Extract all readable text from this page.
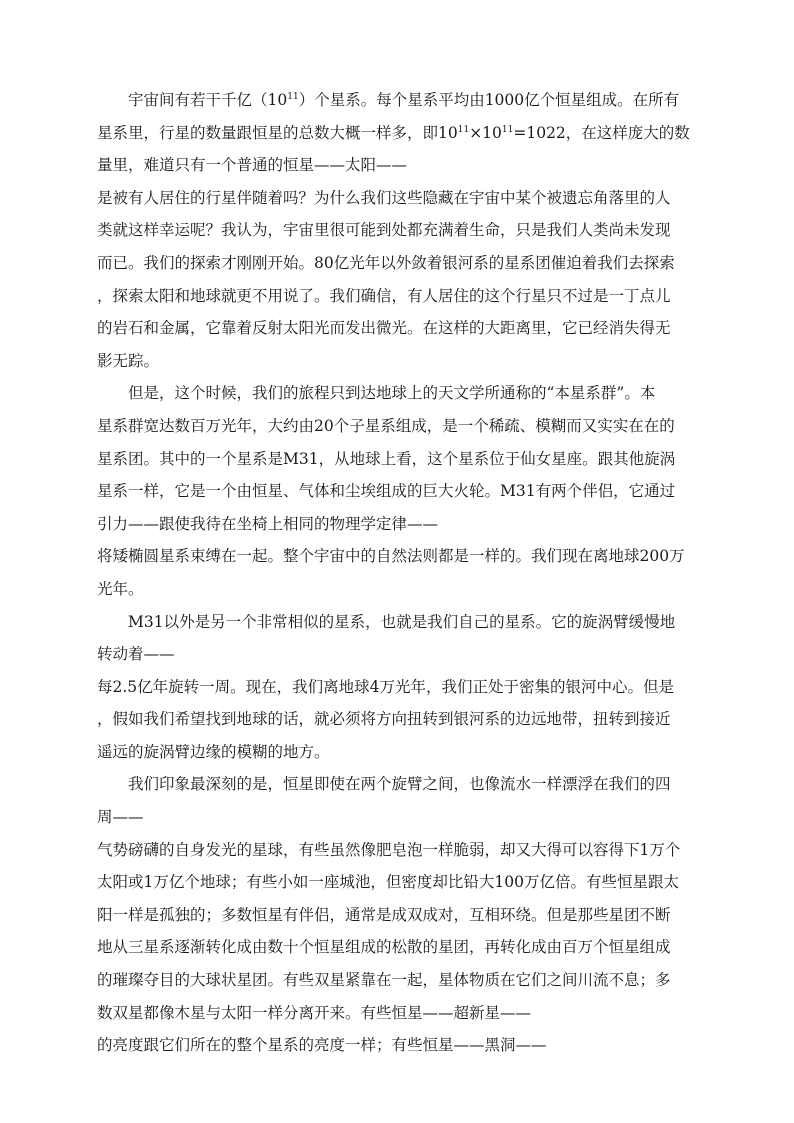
宇宙间有若干千亿$(10^{11})$个星系。每个星系平均由1000亿个恒星组成。在所有
星系里，行星的数量跟恒星的总数大概一样多，即$10^{11}\times 10^{11}=1022$，在这样庞大的数
量里，难道只有一个普通的恒星——太阳——
是被有人居住的行星伴随着吗？为什么我们这些隐藏在宇宙中某个被遗忘角落里的人
类就这样幸运呢？我认为，宇宙里很可能到处都充满着生命，只是我们人类尚未发现
而已。我们的探索才刚刚开始。80亿光年以外敛着银河系的星系团催迫着我们去探索
，探索太阳和地球就更不用说了。我们确信，有人居住的这个行星只不过是一丁点儿
的岩石和金属，它靠着反射太阳光而发出微光。在这样的大距离里，它已经消失得无
影无踪。
但是，这个时候，我们的旅程只到达地球上的天文学所通称的“本星系群”。本
星系群宽达数百万光年，大约由20个子星系组成，是一个稀疏、模糊而又实实在在的
星系团。其中的一个星系是M31，从地球上看，这个星系位于仙女星座。跟其他旋涡
星系一样，它是一个由恒星、气体和尘埃组成的巨大火轮。M31有两个伴侣，它通过
引力——跟使我待在坐椅上相同的物理学定律——
将矮椭圆星系束缚在一起。整个宇宙中的自然法则都是一样的。我们现在离地球200万
光年。
M31以外是另一个非常相似的星系，也就是我们自己的星系。它的旋涡臂缓慢地
转动着——
每2.5亿年旋转一周。现在，我们离地球4万光年，我们正处于密集的银河中心。但是
，假如我们希望找到地球的话，就必须将方向扭转到银河系的边远地带，扭转到接近
遥远的旋涡臂边缘的模糊的地方。
我们印象最深刻的是，恒星即使在两个旋臂之间，也像流水一样漂浮在我们的四
周——
气势磅礴的自身发光的星球，有些虽然像肥皂泡一样脆弱，却又大得可以容得下1万个
太阳或1万亿个地球；有些小如一座城池，但密度却比铅大100万亿倍。有些恒星跟太
阳一样是孤独的；多数恒星有伴侣，通常是成双成对，互相环绕。但是那些星团不断
地从三星系逐渐转化成由数十个恒星组成的松散的星团，再转化成由百万个恒星组成
的璀璨夺目的大球状星团。有些双星紧靠在一起，星体物质在它们之间川流不息；多
数双星都像木星与太阳一样分离开来。有些恒星——超新星——
的亮度跟它们所在的整个星系的亮度一样；有些恒星——黑洞——
